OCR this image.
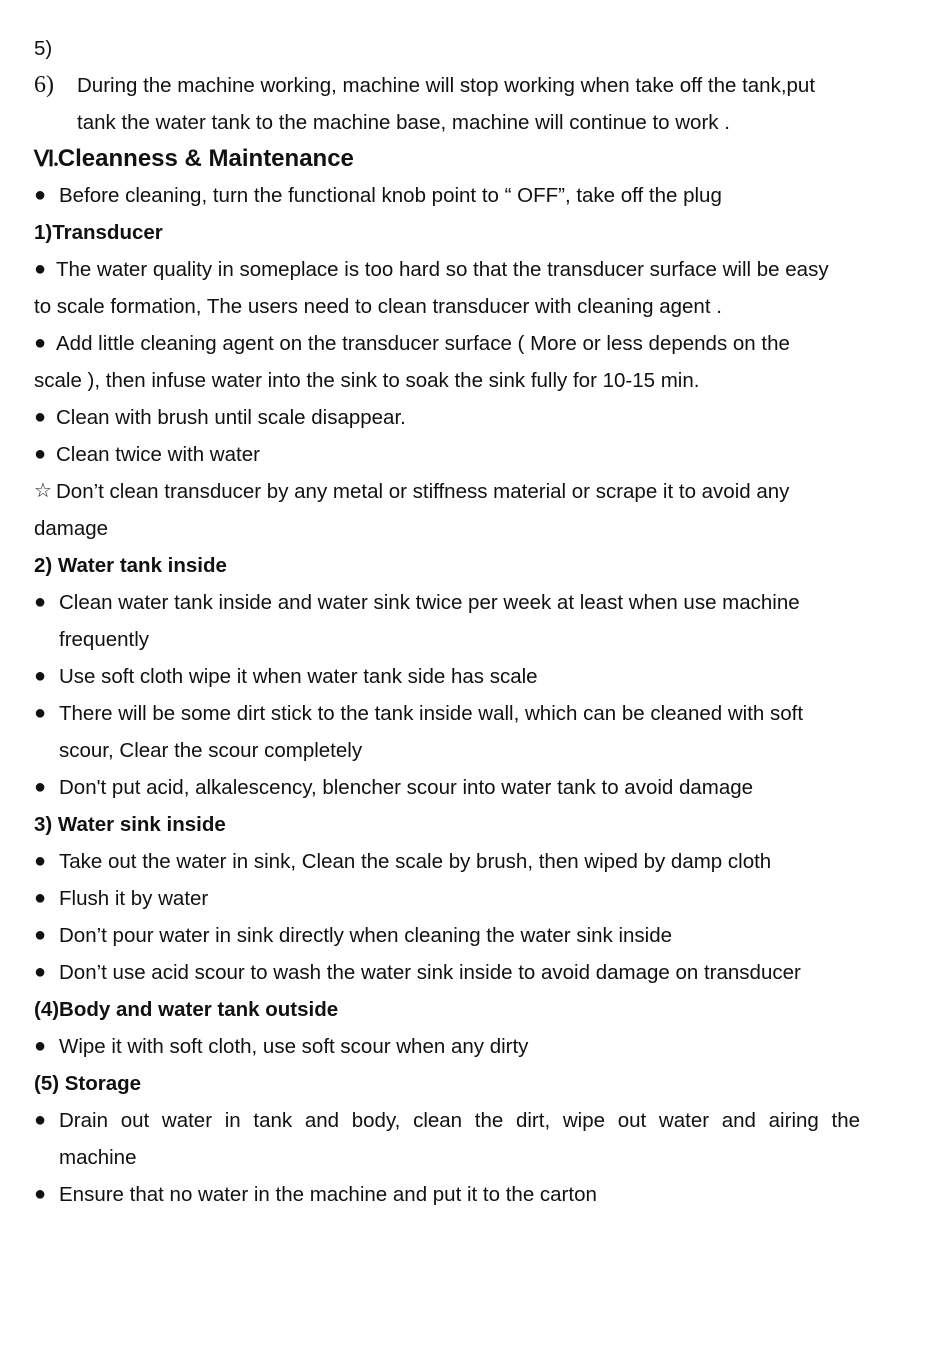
5)
6)	During the machine working, machine will stop working when take off the tank,put
tank the water tank to the machine base, machine will continue to work .
Ⅵ.Cleanness & Maintenance
● Before cleaning, turn the functional knob point to “ OFF”, take off the plug
1)Transducer
● The water quality in someplace is too hard so that the transducer surface will be easy
to scale formation, The users need to clean transducer with cleaning agent .
● Add little cleaning agent on the transducer surface ( More or less depends on the
scale ), then infuse water into the sink to soak the sink fully for 10-15 min.
● Clean with brush until scale disappear.
● Clean twice with water
☆ Don’t clean transducer by any metal or stiffness material or scrape it to avoid any
damage
2) Water tank inside
● Clean water tank inside and water sink twice per week at least when use machine
frequently
● Use soft cloth wipe it when water tank side has scale
● There will be some dirt stick to the tank inside wall, which can be cleaned with soft
scour, Clear the scour completely
● Don't put acid, alkalescency, blencher scour into water tank to avoid damage
3) Water sink inside
● Take out the water in sink, Clean the scale by brush, then wiped by damp cloth
● Flush it by water
● Don’t pour water in sink directly when cleaning the water sink inside
● Don’t use acid scour to wash the water sink inside to avoid damage on transducer
(4)Body and water tank outside
● Wipe it with soft cloth, use soft scour when any dirty
(5) Storage
● Drain out water in tank and body, clean the dirt, wipe out water and airing the
machine
● Ensure that no water in the machine and put it to the carton
